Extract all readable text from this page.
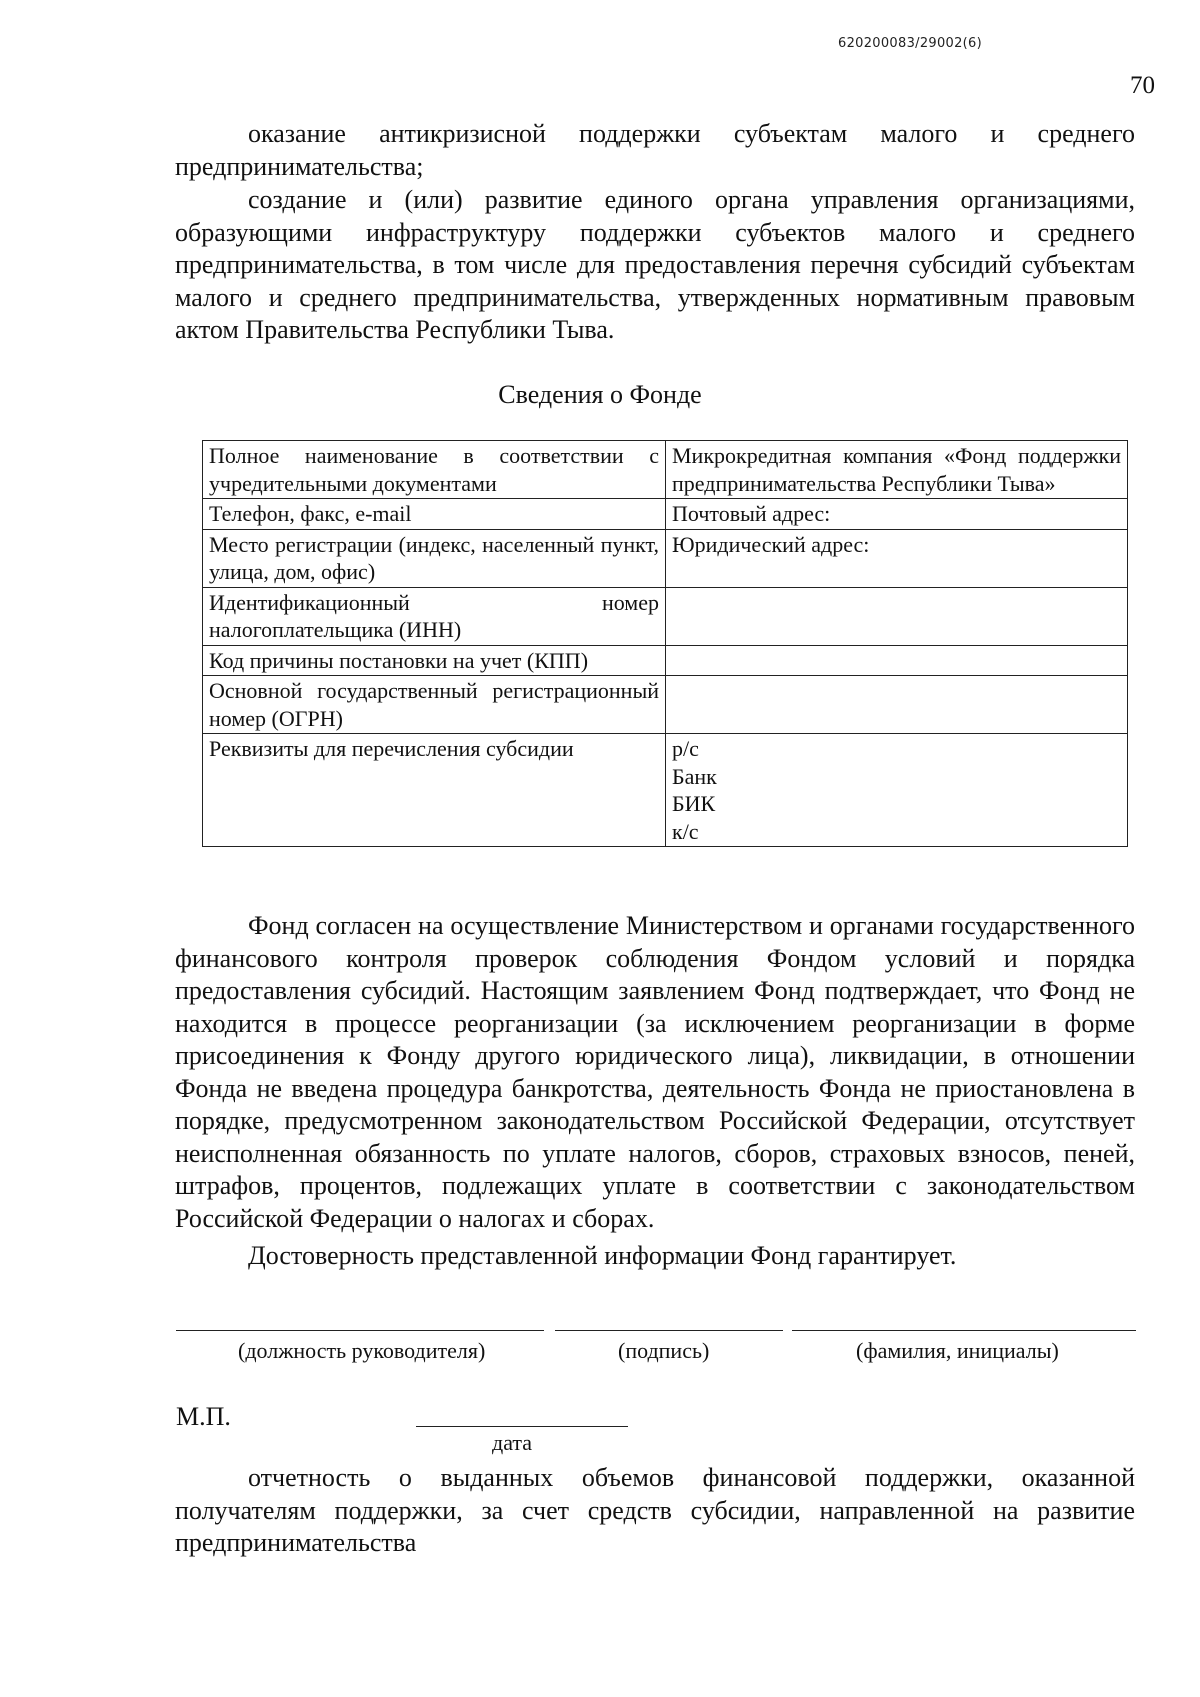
620200083/29002(6)
70

оказание антикризисной поддержки субъектам малого и среднего предпринимательства;

создание и (или) развитие единого органа управления организациями, образующими инфраструктуру поддержки субъектов малого и среднего предпринимательства, в том числе для предоставления перечня субсидий субъектам малого и среднего предпринимательства, утвержденных нормативным правовым актом Правительства Республики Тыва.

Сведения о Фонде
Полное наименование в соответствии с учредительными документами	Микрокредитная компания «Фонд поддержки предпринимательства Республики Тыва»
Телефон, факс, e-mail	Почтовый адрес:
Место регистрации (индекс, населенный пункт, улица, дом, офис)	Юридический адрес:
Идентификационный номер налогоплательщика (ИНН)	
Код причины постановки на учет (КПП)	
Основной государственный регистрационный номер (ОГРН)	
Реквизиты для перечисления субсидии	р/с
Банк
БИК
к/с

Фонд согласен на осуществление Министерством и органами государственного финансового контроля проверок соблюдения Фондом условий и порядка предоставления субсидий. Настоящим заявлением Фонд подтверждает, что Фонд не находится в процессе реорганизации (за исключением реорганизации в форме присоединения к Фонду другого юридического лица), ликвидации, в отношении Фонда не введена процедура банкротства, деятельность Фонда не приостановлена в порядке, предусмотренном законодательством Российской Федерации, отсутствует неисполненная обязанность по уплате налогов, сборов, страховых взносов, пеней, штрафов, процентов, подлежащих уплате в соответствии с законодательством Российской Федерации о налогах и сборах.

Достоверность представленной информации Фонд гарантирует.

(должность руководителя)	(подпись)	(фамилия, инициалы)
М.П.
дата

отчетность о выданных объемов финансовой поддержки, оказанной получателям поддержки, за счет средств субсидии, направленной на развитие предпринимательства
